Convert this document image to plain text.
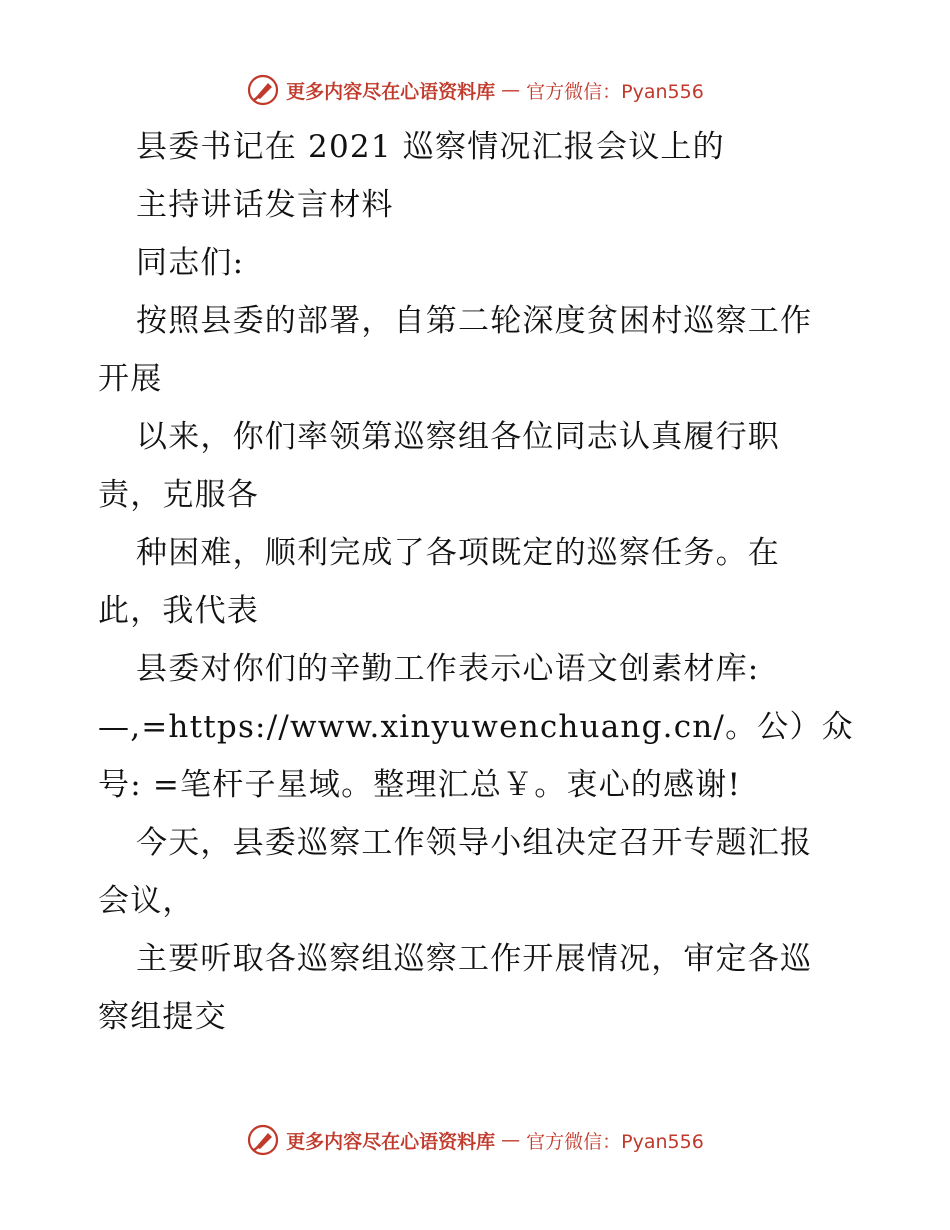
更多内容尽在心语资料库 — 官方微信：Pyan556
县委书记在 2021 巡察情况汇报会议上的
主持讲话发言材料
同志们:
按照县委的部署，自第二轮深度贫困村巡察工作
开展
以来，你们率领第巡察组各位同志认真履行职
责，克服各
种困难，顺利完成了各项既定的巡察任务。在
此，我代表
县委对你们的辛勤工作表示心语文创素材库:
—,=https://www.xinyuwenchuang.cn/。公）众
号: =笔杆子星域。整理汇总￥。衷心的感谢!
今天，县委巡察工作领导小组决定召开专题汇报
会议，
主要听取各巡察组巡察工作开展情况，审定各巡
察组提交
更多内容尽在心语资料库 — 官方微信：Pyan556
